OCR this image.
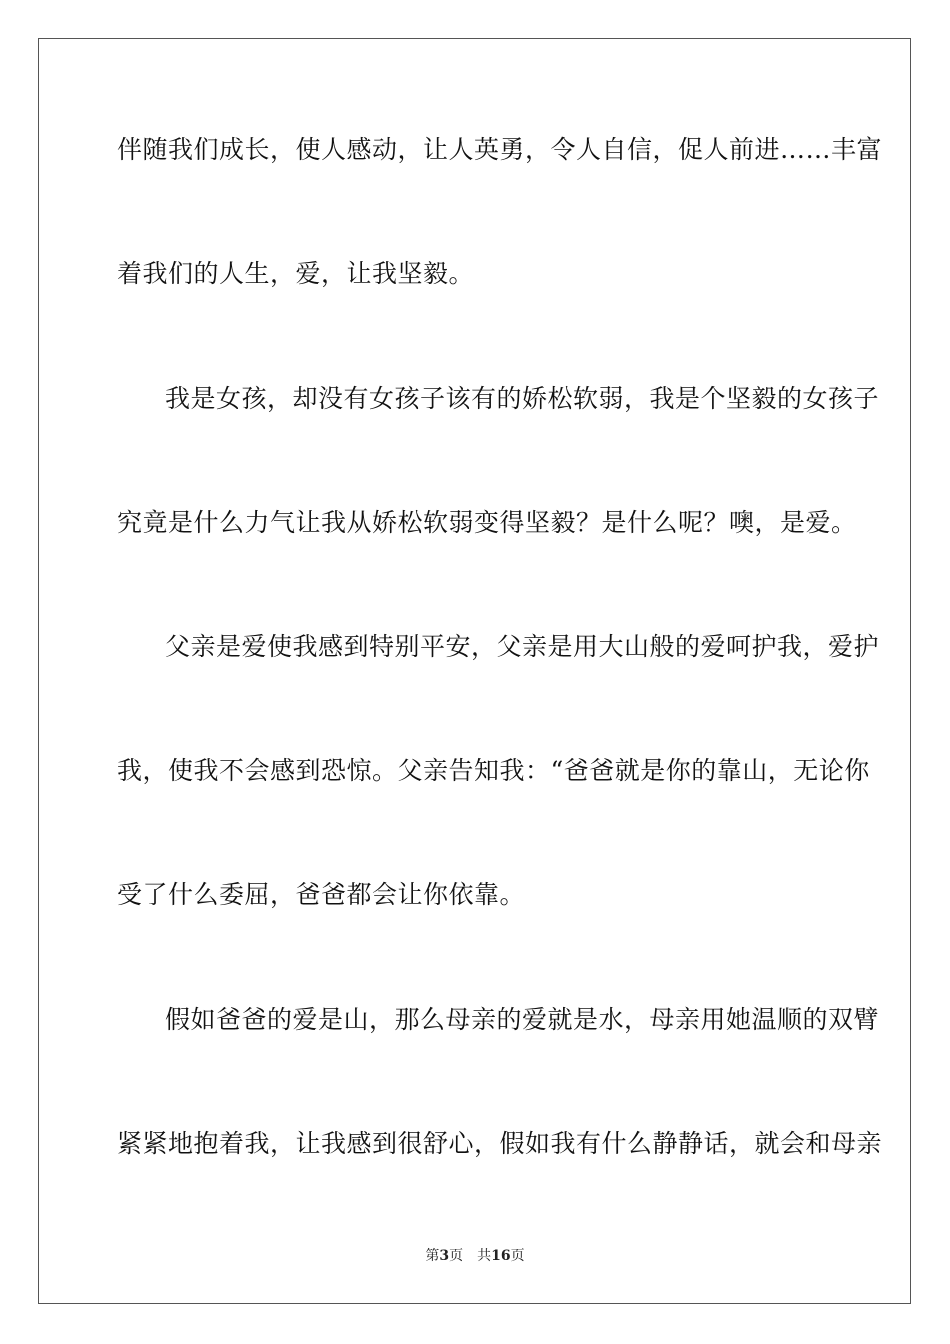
伴随我们成长，使人感动，让人英勇，令人自信，促人前进……丰富
着我们的人生，爱，让我坚毅。
我是女孩，却没有女孩子该有的娇松软弱，我是个坚毅的女孩子
究竟是什么力气让我从娇松软弱变得坚毅？是什么呢？噢，是爱。
父亲是爱使我感到特别平安，父亲是用大山般的爱呵护我，爱护
我，使我不会感到恐惊。父亲告知我：“爸爸就是你的靠山，无论你
受了什么委屈，爸爸都会让你依靠。
假如爸爸的爱是山，那么母亲的爱就是水，母亲用她温顺的双臂
紧紧地抱着我，让我感到很舒心，假如我有什么静静话，就会和母亲
第3页 共16页
